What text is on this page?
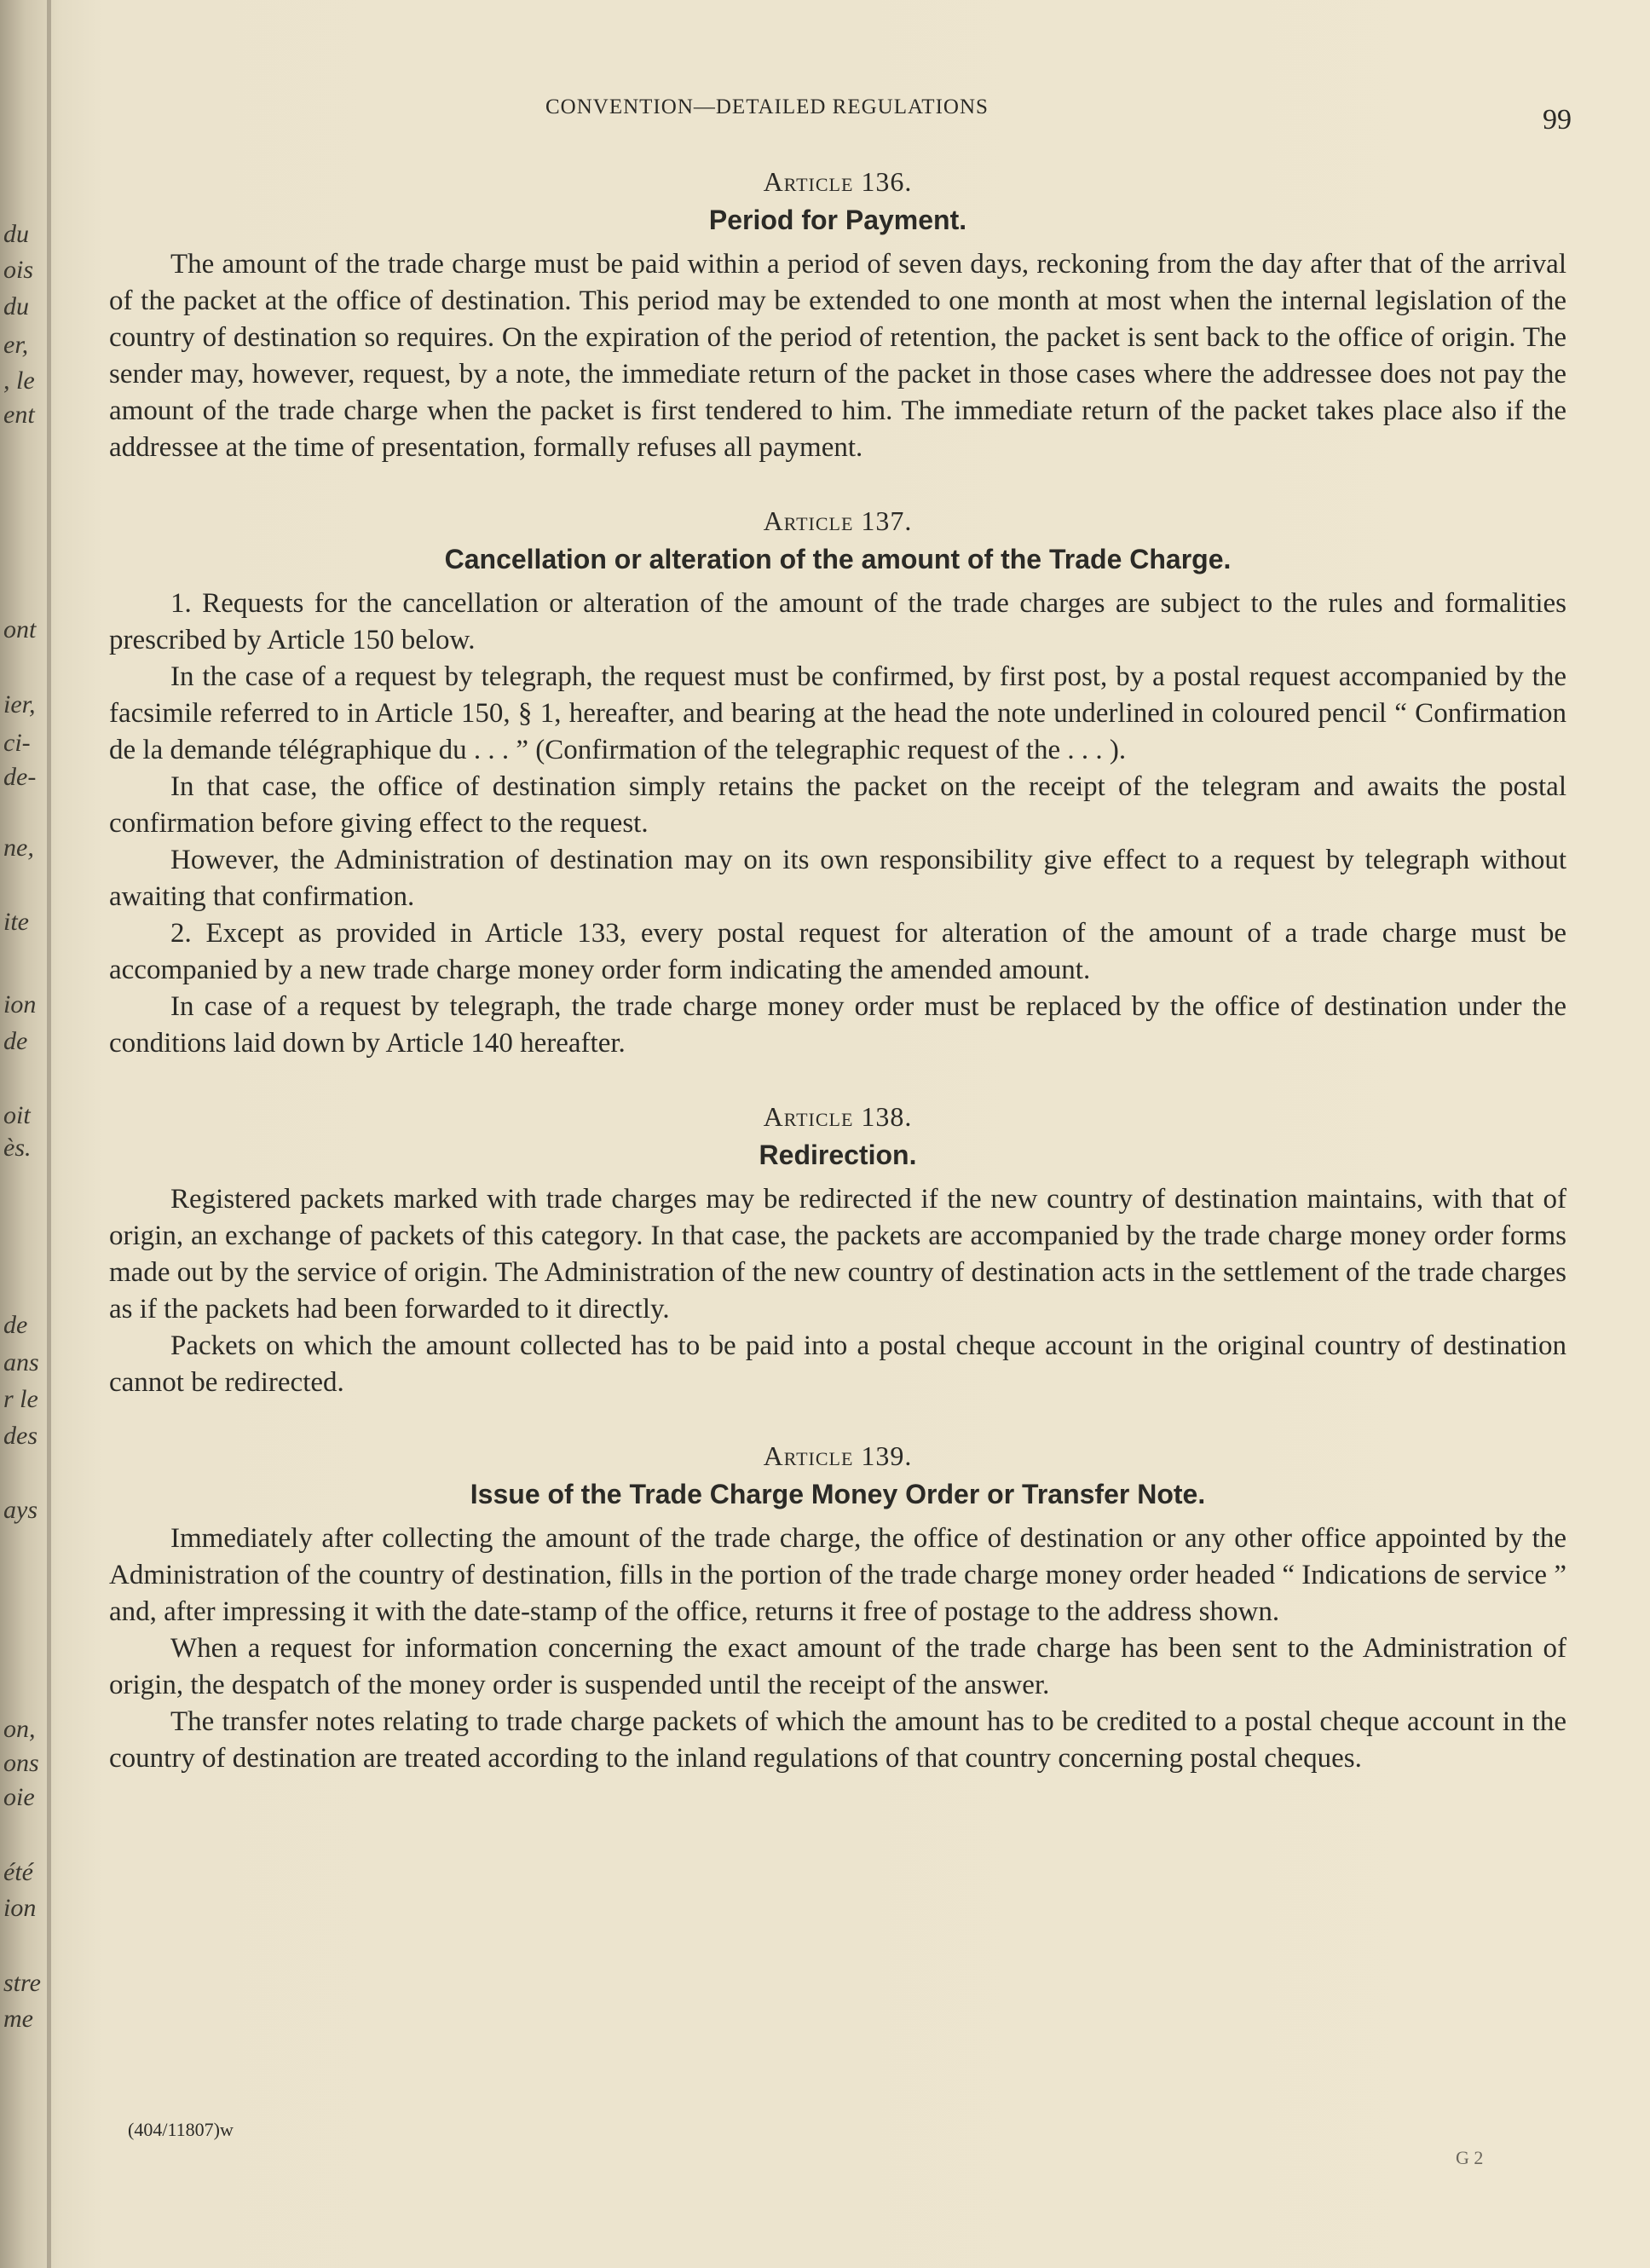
du
ois
du
er,
, le
ent
ont
ier,
ci-
de-
ne,
ite
ion
de
oit
ès.
de
ans
r le
des
ays
on,
ons
oie
été
ion
stre
me
CONVENTION—DETAILED REGULATIONS	99

Article 136.

Period for Payment.

The amount of the trade charge must be paid within a period of seven days, reckoning from the day after that of the arrival of the packet at the office of destination. This period may be extended to one month at most when the internal legislation of the country of destination so requires. On the expiration of the period of retention, the packet is sent back to the office of origin. The sender may, however, request, by a note, the immediate return of the packet in those cases where the addressee does not pay the amount of the trade charge when the packet is first tendered to him. The immediate return of the packet takes place also if the addressee at the time of presentation, formally refuses all payment.

Article 137.

Cancellation or alteration of the amount of the Trade Charge.

1. Requests for the cancellation or alteration of the amount of the trade charges are subject to the rules and formalities prescribed by Article 150 below.

In the case of a request by telegraph, the request must be confirmed, by first post, by a postal request accompanied by the facsimile referred to in Article 150, § 1, hereafter, and bearing at the head the note underlined in coloured pencil “ Confirmation de la demande télégraphique du . . . ” (Confirmation of the telegraphic request of the . . . ).

In that case, the office of destination simply retains the packet on the receipt of the telegram and awaits the postal confirmation before giving effect to the request.

However, the Administration of destination may on its own responsibility give effect to a request by telegraph without awaiting that confirmation.

2. Except as provided in Article 133, every postal request for alteration of the amount of a trade charge must be accompanied by a new trade charge money order form indicating the amended amount.

In case of a request by telegraph, the trade charge money order must be replaced by the office of destination under the conditions laid down by Article 140 hereafter.

Article 138.

Redirection.

Registered packets marked with trade charges may be redirected if the new country of destination maintains, with that of origin, an exchange of packets of this category. In that case, the packets are accompanied by the trade charge money order forms made out by the service of origin. The Administration of the new country of destination acts in the settlement of the trade charges as if the packets had been forwarded to it directly.

Packets on which the amount collected has to be paid into a postal cheque account in the original country of destination cannot be redirected.

Article 139.

Issue of the Trade Charge Money Order or Transfer Note.

Immediately after collecting the amount of the trade charge, the office of destination or any other office appointed by the Administration of the country of destination, fills in the portion of the trade charge money order headed “ Indications de service ” and, after impressing it with the date-stamp of the office, returns it free of postage to the address shown.

When a request for information concerning the exact amount of the trade charge has been sent to the Administration of origin, the despatch of the money order is suspended until the receipt of the answer.

The transfer notes relating to trade charge packets of which the amount has to be credited to a postal cheque account in the country of destination are treated according to the inland regulations of that country concerning postal cheques.

(404/11807)w
G 2
